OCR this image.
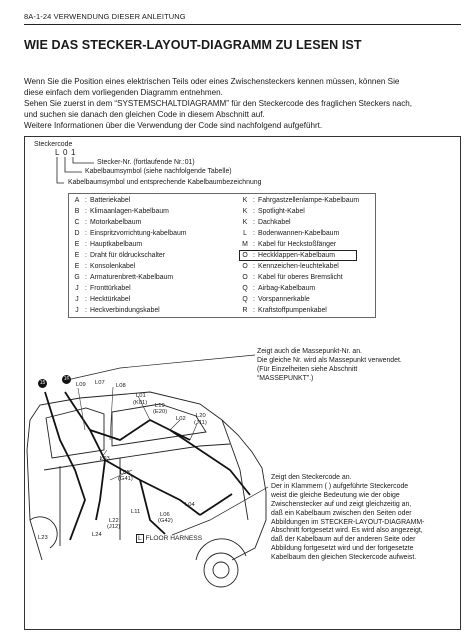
8A-1-24 VERWENDUNG DIESER ANLEITUNG
WIE DAS STECKER-LAYOUT-DIAGRAMM ZU LESEN IST
Wenn Sie die Position eines elektrischen Teils oder eines Zwischensteckers kennen müssen, können Sie
diese einfach dem vorliegenden Diagramm entnehmen.
Sehen Sie zuerst in dem “SYSTEMSCHALTDIAGRAMM” für den Steckercode des fraglichen Steckers nach,
und suchen sie danach den gleichen Code in diesem Abschnitt auf.
Weitere Informationen über die Verwendung der Code sind nachfolgend aufgeführt.
Steckercode
L 0 1
Stecker-Nr. (fortlaufende Nr.:01)
Kabelbaumsymbol (siehe nachfolgende Tabelle)
Kabelbaumsymbol und entsprechende Kabelbaumbezeichnung
A : Batteriekabel
B : Klimaanlagen-Kabelbaum
C : Motorkabelbaum
D : Einspritzvorrichtung-kabelbaum
E : Hauptkabelbaum
E : Draht für öldruckschalter
E : Konsolenkabel
G : Armaturenbrett-Kabelbaum
J : Fronttürkabel
J : Hecktürkabel
J : Heckverbindungskabel
K : Fahrgastzellenlampe-Kabelbaum
K : Spotlight-Kabel
K : Dachkabel
L : Bodenwannen-Kabelbaum
M : Kabel für Heckstoßfänger
O : Heckklappen-Kabelbaum
O : Kennzeichen-leuchtekabel
O : Kabel für oberes Bremslicht
Q : Airbag-Kabelbaum
Q : Vorspannerkable
R : Kraftstoffpumpenkabel
Zeigt auch die Massepunkt-Nr. an.
Die gleiche Nr. wird als Massepunkt verwendet.
(Für Einzelheiten siehe Abschnitt
“MASSEPUNKT”.)
Zeigt den Steckercode an.
Der in Klammern ( ) aufgeführte Steckercode
weist die gleiche Bedeutung wie der obige
Zwischenstecker auf und zeigt gleichzeitig an,
daß ein Kabelbaum zwischen den Seiten oder
Abbildungen im STECKER-LAYOUT-DIAGRAMM-
Abschnitt fortgesetzt wird. Es wird also angezeigt,
daß der Kabelbaum auf der anderen Seite oder
Abbildung fortgesetzt wird und der fortgesetzte
Kabelbaum den gleichen Steckercode aufweist.
15
16
L09 L07 L08
L01
(K01) L19
(E20)
L02 L20
(J11)
L03
L05
(G41)
L11
L04
L06
(G42)
L22
(J12)
L24
L23	L FLOOR HARNESS
